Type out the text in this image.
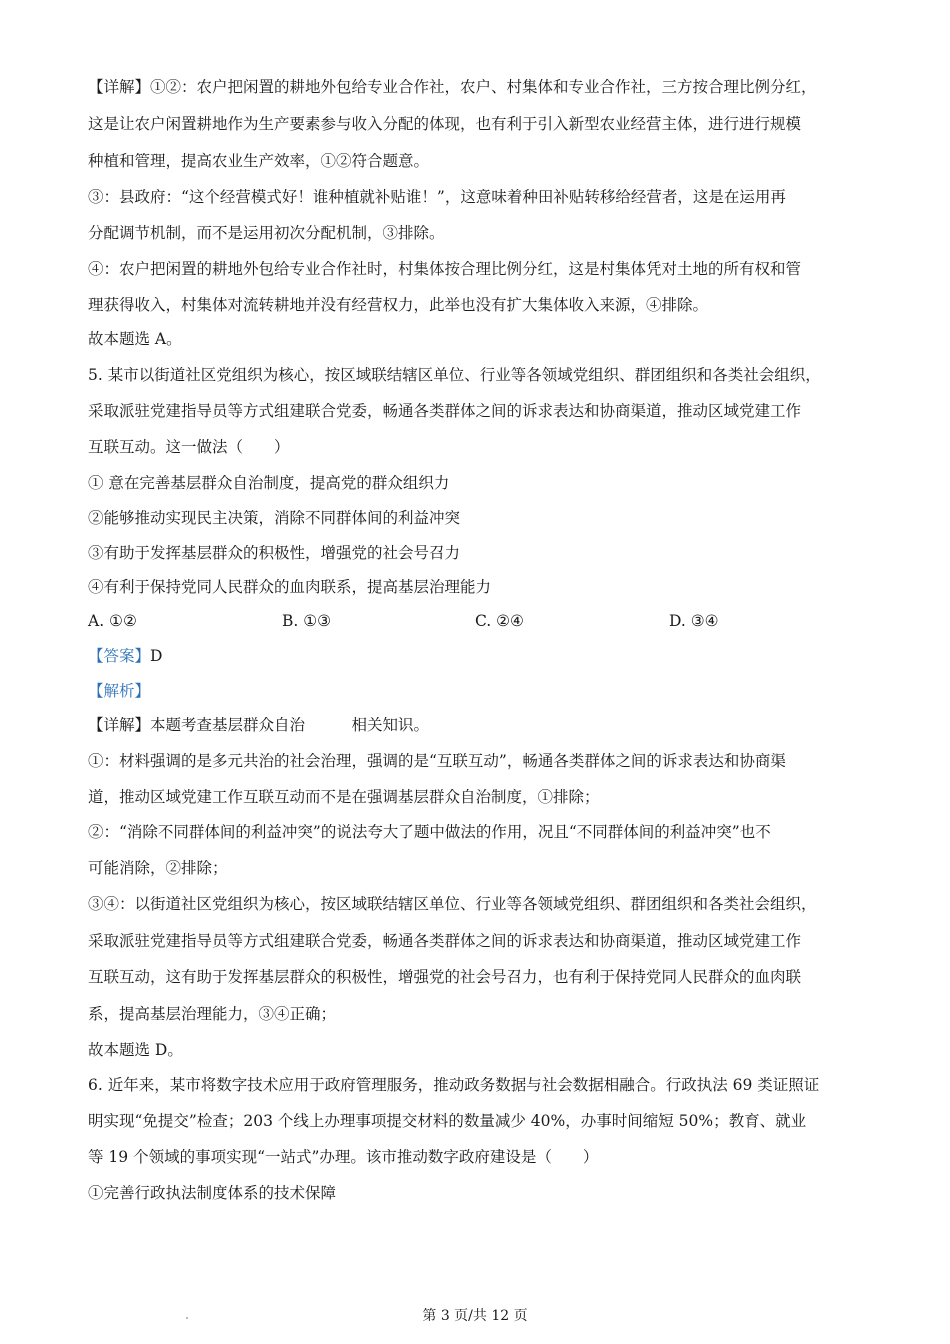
【详解】①②：农户把闲置的耕地外包给专业合作社，农户、村集体和专业合作社，三方按合理比例分红，
这是让农户闲置耕地作为生产要素参与收入分配的体现，也有利于引入新型农业经营主体，进行进行规模
种植和管理，提高农业生产效率，①②符合题意。
③：县政府：“这个经营模式好！谁种植就补贴谁！”，这意味着种田补贴转移给经营者，这是在运用再
分配调节机制，而不是运用初次分配机制，③排除。
④：农户把闲置的耕地外包给专业合作社时，村集体按合理比例分红，这是村集体凭对土地的所有权和管
理获得收入，村集体对流转耕地并没有经营权力，此举也没有扩大集体收入来源，④排除。
故本题选 A。
5. 某市以街道社区党组织为核心，按区域联结辖区单位、行业等各领域党组织、群团组织和各类社会组织，
采取派驻党建指导员等方式组建联合党委，畅通各类群体之间的诉求表达和协商渠道，推动区域党建工作
互联互动。这一做法（　　）
① 意在完善基层群众自治制度，提高党的群众组织力
②能够推动实现民主决策，消除不同群体间的利益冲突
③有助于发挥基层群众的积极性，增强党的社会号召力
④有利于保持党同人民群众的血肉联系，提高基层治理能力
A. ①②	B. ①③	C. ②④	D. ③④
【答案】D
【解析】
【详解】本题考查基层群众自治　　　相关知识。
①：材料强调的是多元共治的社会治理，强调的是“互联互动”，畅通各类群体之间的诉求表达和协商渠
道，推动区域党建工作互联互动而不是在强调基层群众自治制度，①排除；
②：“消除不同群体间的利益冲突”的说法夸大了题中做法的作用，况且“不同群体间的利益冲突”也不
可能消除，②排除；
③④：以街道社区党组织为核心，按区域联结辖区单位、行业等各领域党组织、群团组织和各类社会组织，
采取派驻党建指导员等方式组建联合党委，畅通各类群体之间的诉求表达和协商渠道，推动区域党建工作
互联互动，这有助于发挥基层群众的积极性，增强党的社会号召力，也有利于保持党同人民群众的血肉联
系，提高基层治理能力，③④正确；
故本题选 D。
6. 近年来，某市将数字技术应用于政府管理服务，推动政务数据与社会数据相融合。行政执法 69 类证照证
明实现“免提交”检查；203 个线上办理事项提交材料的数量减少 40%，办事时间缩短 50%；教育、就业
等 19 个领域的事项实现“一站式”办理。该市推动数字政府建设是（　　）
①完善行政执法制度体系的技术保障
第 3 页/共 12 页
